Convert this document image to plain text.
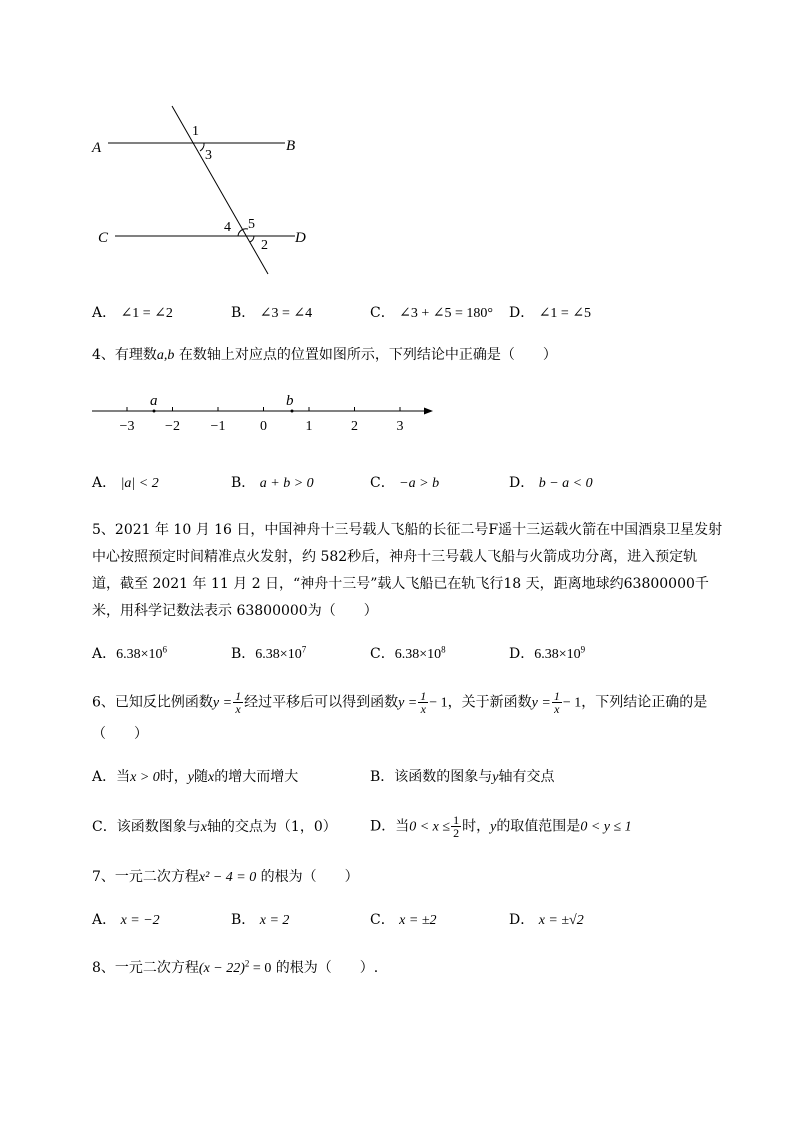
A	B
C	D
1
3
4 5
2
A． ∠1 = ∠2	B． ∠3 = ∠4	C． ∠3 + ∠5 = 180° D． ∠1 = ∠5
4、有理数a,b 在数轴上对应点的位置如图所示，下列结论中正确是（　　）
−3 −2 −1 0	1	2	3
a	b
A． |a| < 2	B． a + b > 0	C． −a > b	D． b − a < 0
5、2021 年 10 月 16 日，中国神舟十三号载人飞船的长征二号F遥十三运载火箭在中国酒泉卫星发射
中心按照预定时间精准点火发射，约 582秒后，神舟十三号载人飞船与火箭成功分离，进入预定轨
道，截至 2021 年 11 月 2 日，“神舟十三号”载人飞船已在轨飞行18 天，距离地球约63800000千
米，用科学记数法表示 63800000为（　　）
A．$6.38\times 10^6$	B．$6.38\times 10^7$	C．$6.38\times 10^8$	D．$6.38\times 10^9$
6、已知反比例函数$y = \frac{1}{x}$ 经过平移后可以得到函数$y = \frac{1}{x} - 1$，关于新函数$y = \frac{1}{x} - 1$，下列结论正确的是
（　　）
A．当x > 0时，y随x的增大而增大	B．该函数的图象与y轴有交点
C．该函数图象与x轴的交点为（1，0） D．当$0 < x \le \frac{1}{2}$ 时，y的取值范围是0 < y ≤ 1
7、一元二次方程x² − 4 = 0 的根为（　　）
A． x = −2	B． x = 2	C． x = ±2	D． x = ±√2
8、一元二次方程$(x - 22)^2 = 0$ 的根为（　　）.
